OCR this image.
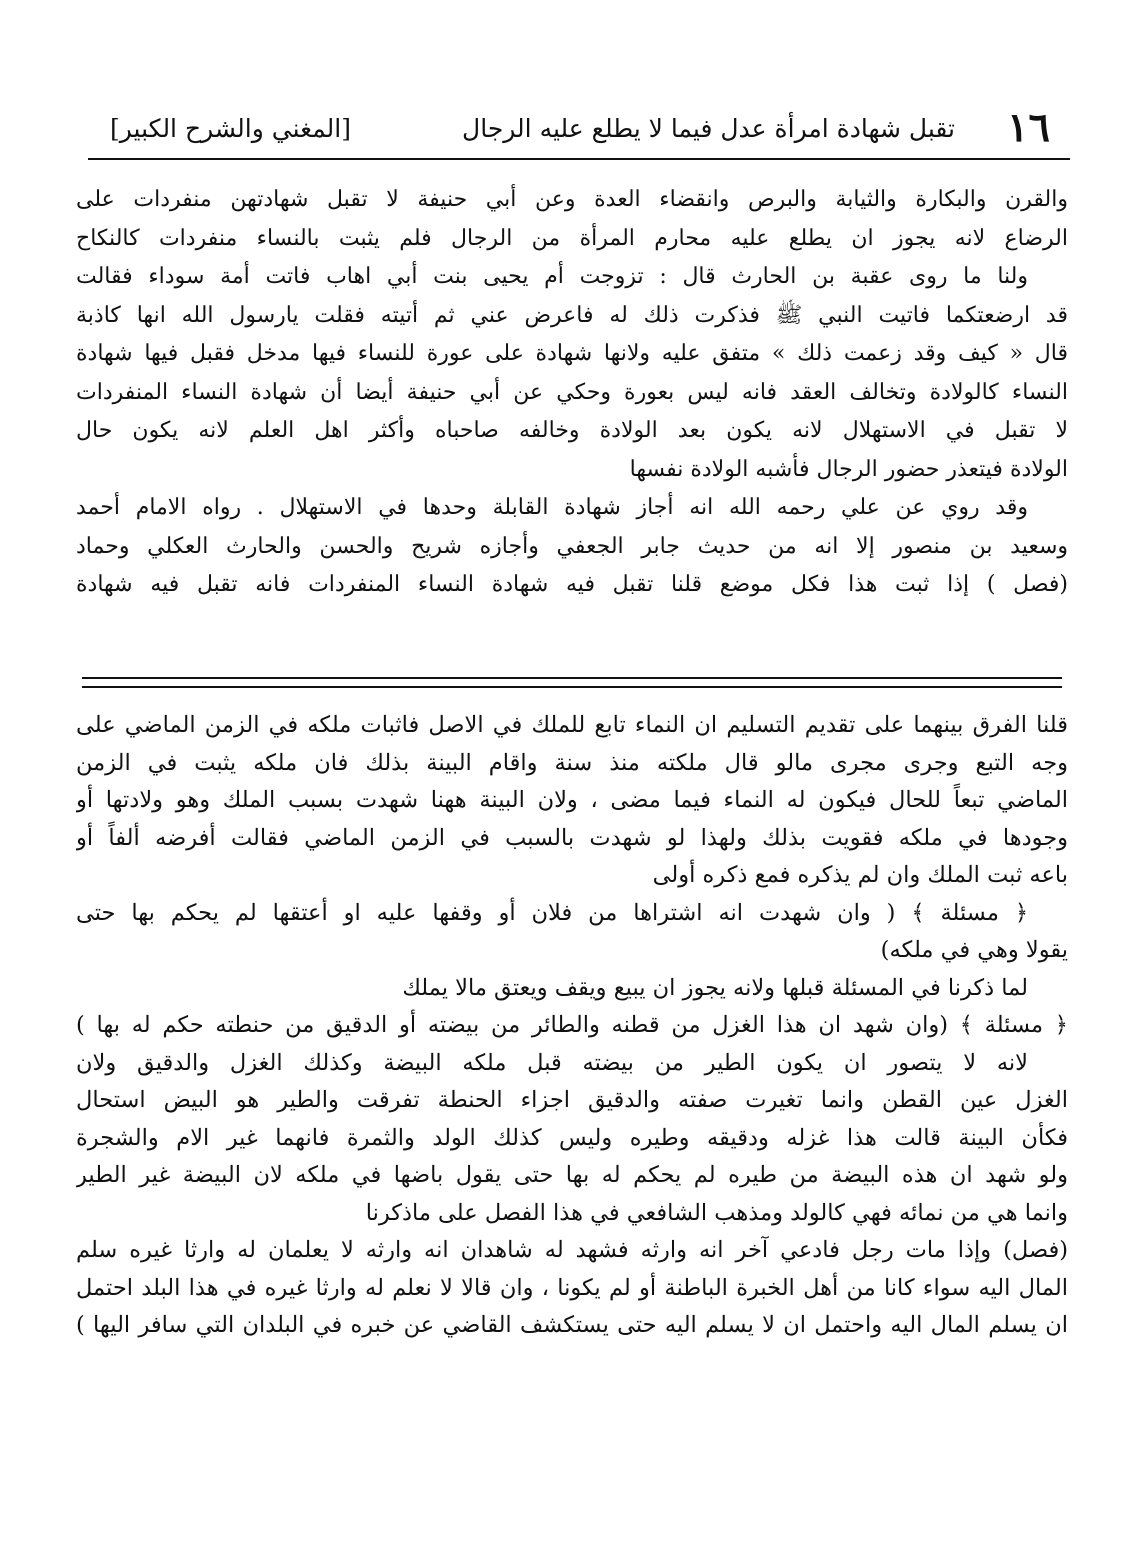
١٦
تقبل شهادة امرأة عدل فيما لا يطلع عليه الرجال
[المغني والشرح الكبير]
والقرن والبكارة والثيابة والبرص وانقضاء العدة وعن أبي حنيفة لا تقبل شهادتهن منفردات على
الرضاع لانه يجوز ان يطلع عليه محارم المرأة من الرجال فلم يثبت بالنساء منفردات كالنكاح
ولنا ما روى عقبة بن الحارث قال : تزوجت أم يحيى بنت أبي اهاب فاتت أمة سوداء فقالت
قد ارضعتكما فاتيت النبي ﷺ فذكرت ذلك له فاعرض عني ثم أتيته فقلت يارسول الله انها كاذبة
قال « كيف وقد زعمت ذلك » متفق عليه ولانها شهادة على عورة للنساء فيها مدخل فقبل فيها شهادة
النساء كالولادة وتخالف العقد فانه ليس بعورة وحكي عن أبي حنيفة أيضا أن شهادة النساء المنفردات
لا تقبل في الاستهلال لانه يكون بعد الولادة وخالفه صاحباه وأكثر اهل العلم لانه يكون حال
الولادة فيتعذر حضور الرجال فأشبه الولادة نفسها
وقد روي عن علي رحمه الله انه أجاز شهادة القابلة وحدها في الاستهلال . رواه الامام أحمد
وسعيد بن منصور إلا انه من حديث جابر الجعفي وأجازه شريح والحسن والحارث العكلي وحماد
(فصل ) إذا ثبت هذا فكل موضع قلنا تقبل فيه شهادة النساء المنفردات فانه تقبل فيه شهادة
قلنا الفرق بينهما على تقديم التسليم ان النماء تابع للملك في الاصل فاثبات ملكه في الزمن الماضي على
وجه التبع وجرى مجرى مالو قال ملكته منذ سنة واقام البينة بذلك فان ملكه يثبت في الزمن
الماضي تبعاً للحال فيكون له النماء فيما مضى ، ولان البينة ههنا شهدت بسبب الملك وهو ولادتها أو
وجودها في ملكه فقويت بذلك ولهذا لو شهدت بالسبب في الزمن الماضي فقالت أفرضه ألفاً أو
باعه ثبت الملك وان لم يذكره فمع ذكره أولى
﴿ مسئلة ﴾ ( وان شهدت انه اشتراها من فلان أو وقفها عليه او أعتقها لم يحكم بها حتى
يقولا وهي في ملكه)
لما ذكرنا في المسئلة قبلها ولانه يجوز ان يبيع ويقف ويعتق مالا يملك
﴿ مسئلة ﴾ (وان شهد ان هذا الغزل من قطنه والطائر من بيضته أو الدقيق من حنطته حكم له بها )
لانه لا يتصور ان يكون الطير من بيضته قبل ملكه البيضة وكذلك الغزل والدقيق ولان
الغزل عين القطن وانما تغيرت صفته والدقيق اجزاء الحنطة تفرقت والطير هو البيض استحال
فكأن البينة قالت هذا غزله ودقيقه وطيره وليس كذلك الولد والثمرة فانهما غير الام والشجرة
ولو شهد ان هذه البيضة من طيره لم يحكم له بها حتى يقول باضها في ملكه لان البيضة غير الطير
وانما هي من نمائه فهي كالولد ومذهب الشافعي في هذا الفصل على ماذكرنا
(فصل) وإذا مات رجل فادعي آخر انه وارثه فشهد له شاهدان انه وارثه لا يعلمان له وارثا غيره سلم
المال اليه سواء كانا من أهل الخبرة الباطنة أو لم يكونا ، وان قالا لا نعلم له وارثا غيره في هذا البلد احتمل
ان يسلم المال اليه واحتمل ان لا يسلم اليه حتى يستكشف القاضي عن خبره في البلدان التي سافر اليها )
